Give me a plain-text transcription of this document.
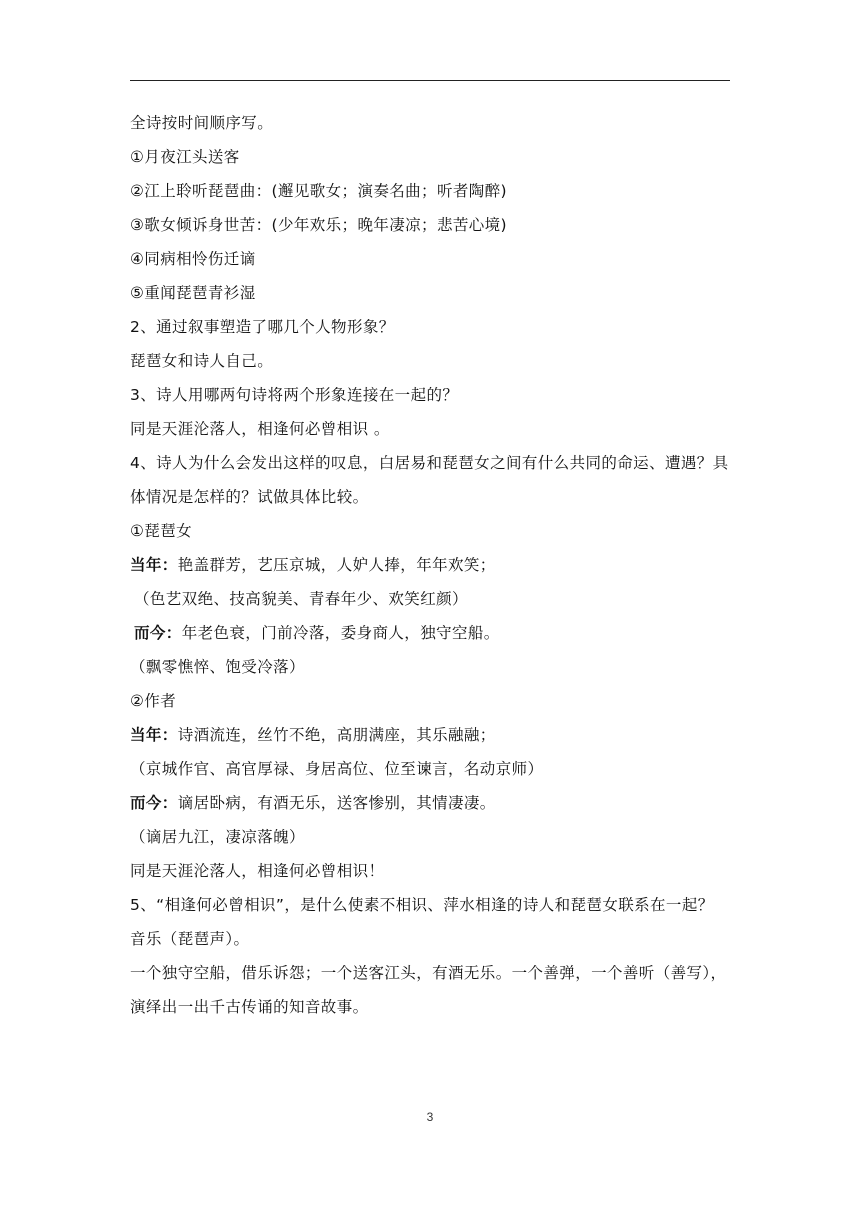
全诗按时间顺序写。
①月夜江头送客
②江上聆听琵琶曲：(邂见歌女；演奏名曲；听者陶醉)
③歌女倾诉身世苦：(少年欢乐；晚年凄凉；悲苦心境)
④同病相怜伤迁谪
⑤重闻琵琶青衫湿
2、通过叙事塑造了哪几个人物形象？
琵琶女和诗人自己。
3、诗人用哪两句诗将两个形象连接在一起的？
同是天涯沦落人，相逢何必曾相识 。
4、诗人为什么会发出这样的叹息，白居易和琵琶女之间有什么共同的命运、遭遇？具体情况是怎样的？试做具体比较。
①琵琶女
当年：艳盖群芳，艺压京城，人妒人捧，年年欢笑；
（色艺双绝、技高貌美、青春年少、欢笑红颜）
而今：年老色衰，门前冷落，委身商人，独守空船。
（飘零憔悴、饱受冷落）
②作者
当年：诗酒流连，丝竹不绝，高朋满座，其乐融融；
（京城作官、高官厚禄、身居高位、位至谏言，名动京师）
而今：谪居卧病，有酒无乐，送客惨别，其情凄凄。
（谪居九江，凄凉落魄）
同是天涯沦落人，相逢何必曾相识！
5、“相逢何必曾相识”，是什么使素不相识、萍水相逢的诗人和琵琶女联系在一起？
音乐（琵琶声）。
一个独守空船，借乐诉怨；一个送客江头，有酒无乐。一个善弹，一个善听（善写），演绎出一出千古传诵的知音故事。
3
